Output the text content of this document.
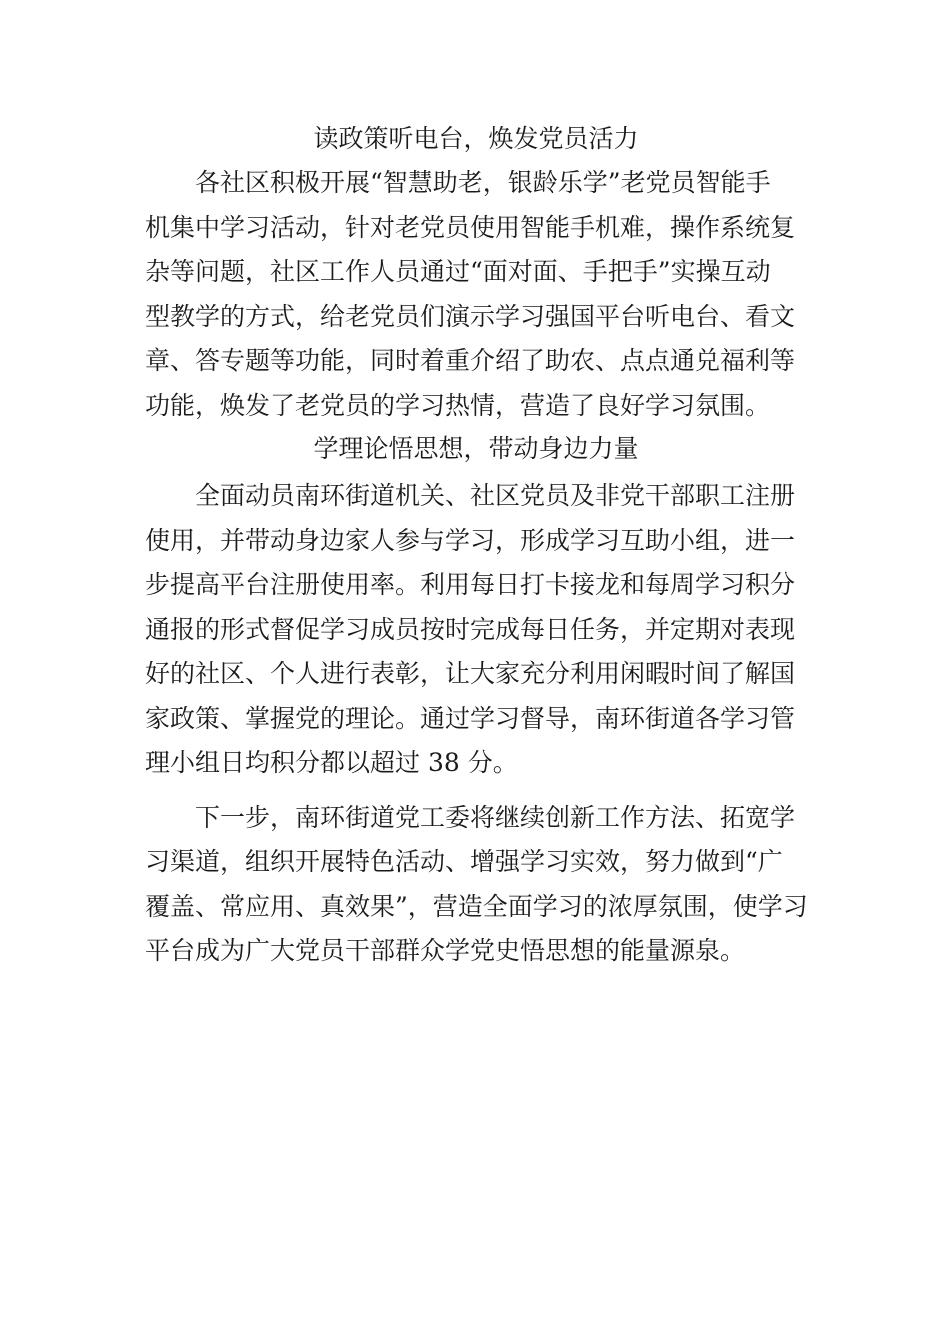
读政策听电台，焕发党员活力
各社区积极开展“智慧助老，银龄乐学”老党员智能手
机集中学习活动，针对老党员使用智能手机难，操作系统复
杂等问题，社区工作人员通过“面对面、手把手”实操互动
型教学的方式，给老党员们演示学习强国平台听电台、看文
章、答专题等功能，同时着重介绍了助农、点点通兑福利等
功能，焕发了老党员的学习热情，营造了良好学习氛围。
学理论悟思想，带动身边力量
全面动员南环街道机关、社区党员及非党干部职工注册
使用，并带动身边家人参与学习，形成学习互助小组，进一
步提高平台注册使用率。利用每日打卡接龙和每周学习积分
通报的形式督促学习成员按时完成每日任务，并定期对表现
好的社区、个人进行表彰，让大家充分利用闲暇时间了解国
家政策、掌握党的理论。通过学习督导，南环街道各学习管
理小组日均积分都以超过 38 分。
下一步，南环街道党工委将继续创新工作方法、拓宽学
习渠道，组织开展特色活动、增强学习实效，努力做到“广
覆盖、常应用、真效果”，营造全面学习的浓厚氛围，使学习
平台成为广大党员干部群众学党史悟思想的能量源泉。
